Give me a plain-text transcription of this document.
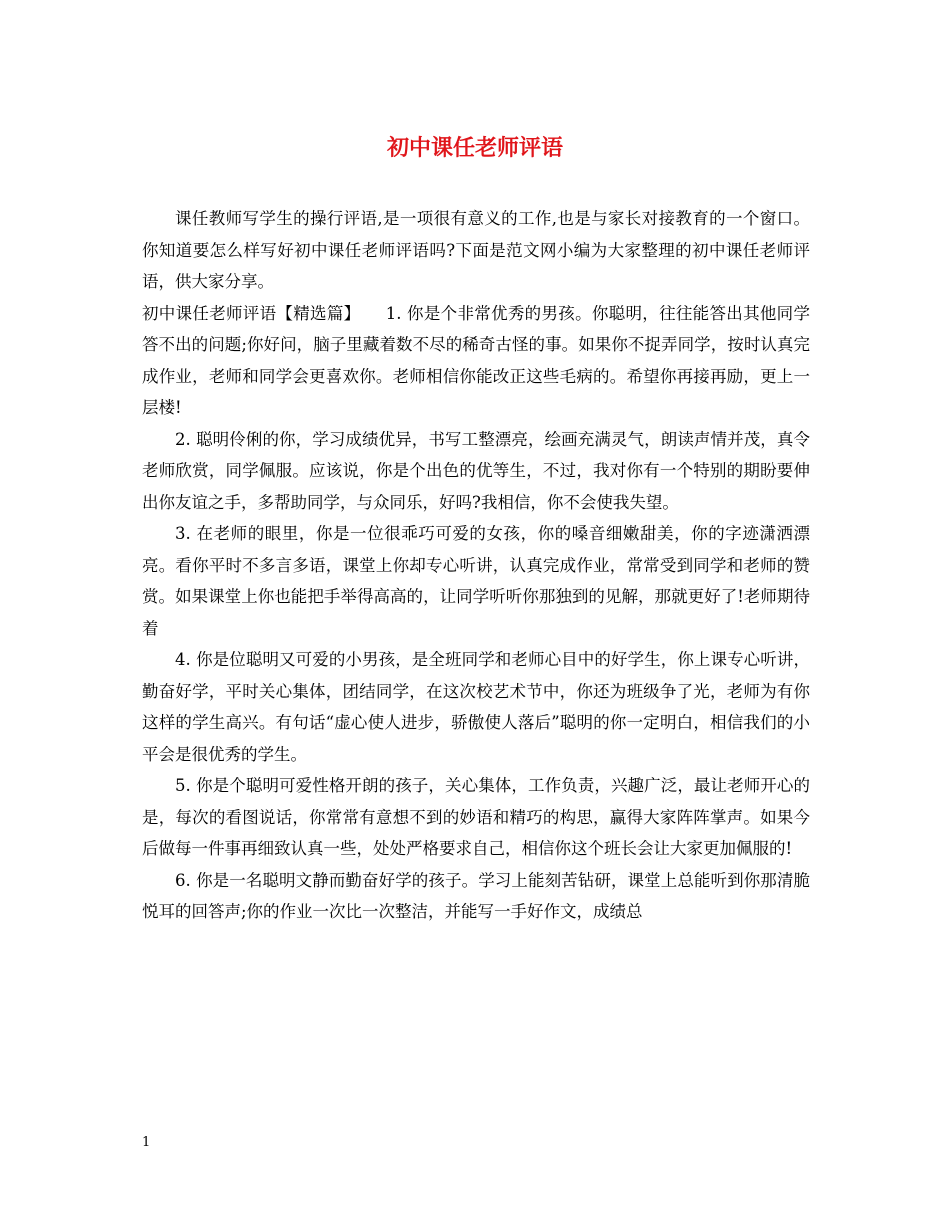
初中课任老师评语

课任教师写学生的操行评语,是一项很有意义的工作,也是与家长对接教育的一个窗口。你知道要怎么样写好初中课任老师评语吗?下面是范文网小编为大家整理的初中课任老师评语，供大家分享。

初中课任老师评语【精选篇】　　1. 你是个非常优秀的男孩。你聪明，往往能答出其他同学答不出的问题;你好问，脑子里藏着数不尽的稀奇古怪的事。如果你不捉弄同学，按时认真完成作业，老师和同学会更喜欢你。老师相信你能改正这些毛病的。希望你再接再励，更上一层楼!

2. 聪明伶俐的你，学习成绩优异，书写工整漂亮，绘画充满灵气，朗读声情并茂，真令老师欣赏，同学佩服。应该说，你是个出色的优等生，不过，我对你有一个特别的期盼要伸出你友谊之手，多帮助同学，与众同乐，好吗?我相信，你不会使我失望。

3. 在老师的眼里，你是一位很乖巧可爱的女孩，你的嗓音细嫩甜美，你的字迹潇洒漂亮。看你平时不多言多语，课堂上你却专心听讲，认真完成作业，常常受到同学和老师的赞赏。如果课堂上你也能把手举得高高的，让同学听听你那独到的见解，那就更好了!老师期待着

4. 你是位聪明又可爱的小男孩，是全班同学和老师心目中的好学生，你上课专心听讲，勤奋好学，平时关心集体，团结同学，在这次校艺术节中，你还为班级争了光，老师为有你这样的学生高兴。有句话“虚心使人进步，骄傲使人落后”聪明的你一定明白，相信我们的小平会是很优秀的学生。

5. 你是个聪明可爱性格开朗的孩子，关心集体，工作负责，兴趣广泛，最让老师开心的是，每次的看图说话，你常常有意想不到的妙语和精巧的构思，赢得大家阵阵掌声。如果今后做每一件事再细致认真一些，处处严格要求自己，相信你这个班长会让大家更加佩服的!

6. 你是一名聪明文静而勤奋好学的孩子。学习上能刻苦钻研，课堂上总能听到你那清脆悦耳的回答声;你的作业一次比一次整洁，并能写一手好作文，成绩总

1
